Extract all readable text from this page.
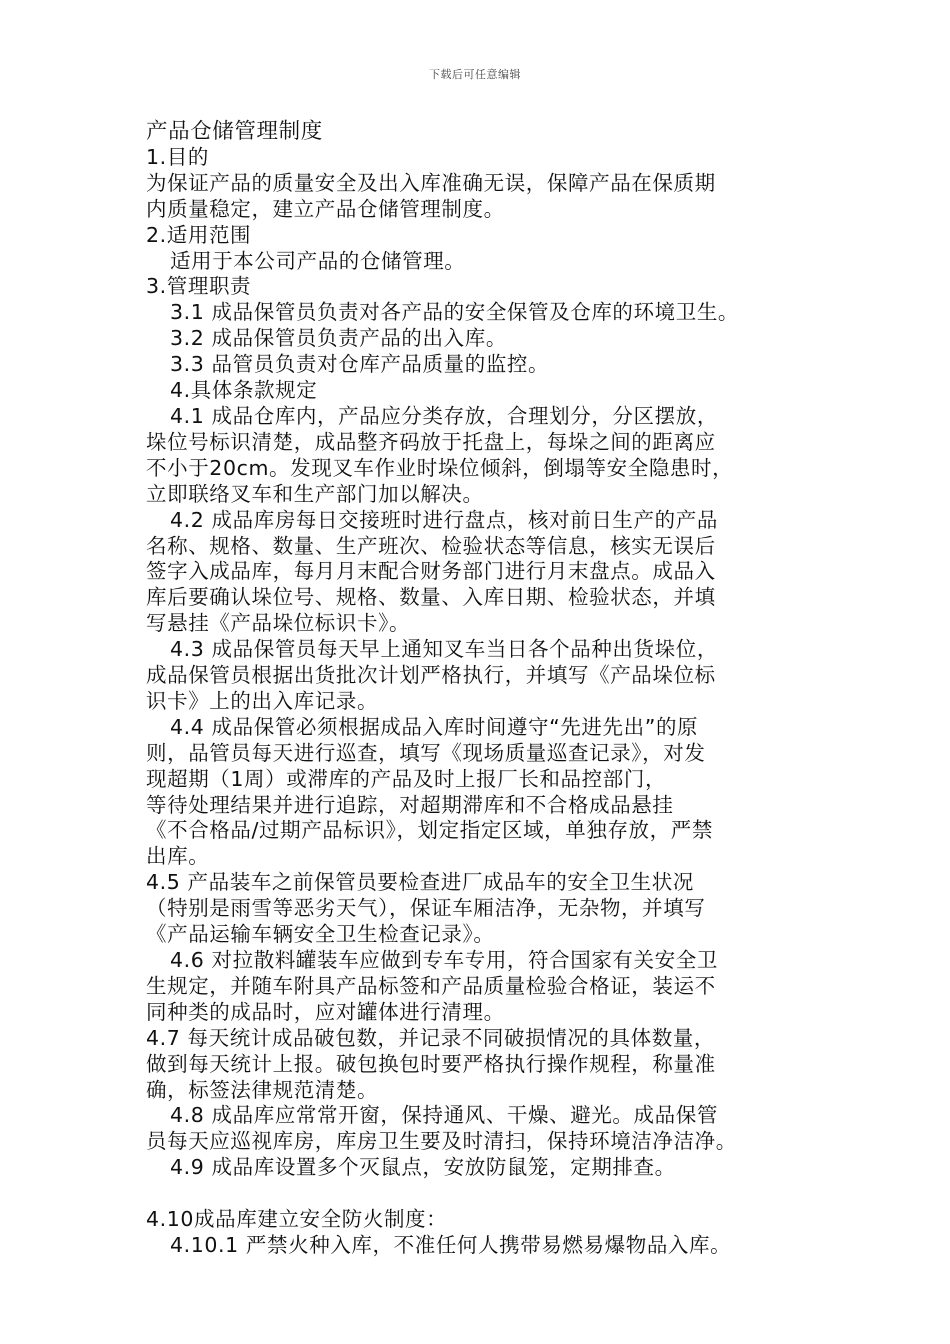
下载后可任意编辑
产品仓储管理制度
1.目的
为保证产品的质量安全及出入库准确无误，保障产品在保质期
内质量稳定，建立产品仓储管理制度。
2.适用范围
适用于本公司产品的仓储管理。
3.管理职责
3.1 成品保管员负责对各产品的安全保管及仓库的环境卫生。
3.2 成品保管员负责产品的出入库。
3.3 品管员负责对仓库产品质量的监控。
4.具体条款规定
4.1 成品仓库内，产品应分类存放，合理划分，分区摆放，
垛位号标识清楚，成品整齐码放于托盘上，每垛之间的距离应
不小于20cm。发现叉车作业时垛位倾斜，倒塌等安全隐患时，
立即联络叉车和生产部门加以解决。
4.2 成品库房每日交接班时进行盘点，核对前日生产的产品
名称、规格、数量、生产班次、检验状态等信息，核实无误后
签字入成品库，每月月末配合财务部门进行月末盘点。成品入
库后要确认垛位号、规格、数量、入库日期、检验状态，并填
写悬挂《产品垛位标识卡》。
4.3 成品保管员每天早上通知叉车当日各个品种出货垛位，
成品保管员根据出货批次计划严格执行，并填写《产品垛位标
识卡》上的出入库记录。
4.4 成品保管必须根据成品入库时间遵守“先进先出”的原
则，品管员每天进行巡查，填写《现场质量巡查记录》，对发
现超期（1周）或滞库的产品及时上报厂长和品控部门，
等待处理结果并进行追踪，对超期滞库和不合格成品悬挂
《不合格品/过期产品标识》，划定指定区域，单独存放，严禁
出库。
4.5 产品装车之前保管员要检查进厂成品车的安全卫生状况
（特别是雨雪等恶劣天气），保证车厢洁净，无杂物，并填写
《产品运输车辆安全卫生检查记录》。
4.6 对拉散料罐装车应做到专车专用，符合国家有关安全卫
生规定，并随车附具产品标签和产品质量检验合格证，装运不
同种类的成品时，应对罐体进行清理。
4.7 每天统计成品破包数，并记录不同破损情况的具体数量，
做到每天统计上报。破包换包时要严格执行操作规程，称量准
确，标签法律规范清楚。
4.8 成品库应常常开窗，保持通风、干燥、避光。成品保管
员每天应巡视库房，库房卫生要及时清扫，保持环境洁净洁净。
4.9 成品库设置多个灭鼠点，安放防鼠笼，定期排查。
4.10成品库建立安全防火制度：
4.10.1 严禁火种入库，不准任何人携带易燃易爆物品入库。
